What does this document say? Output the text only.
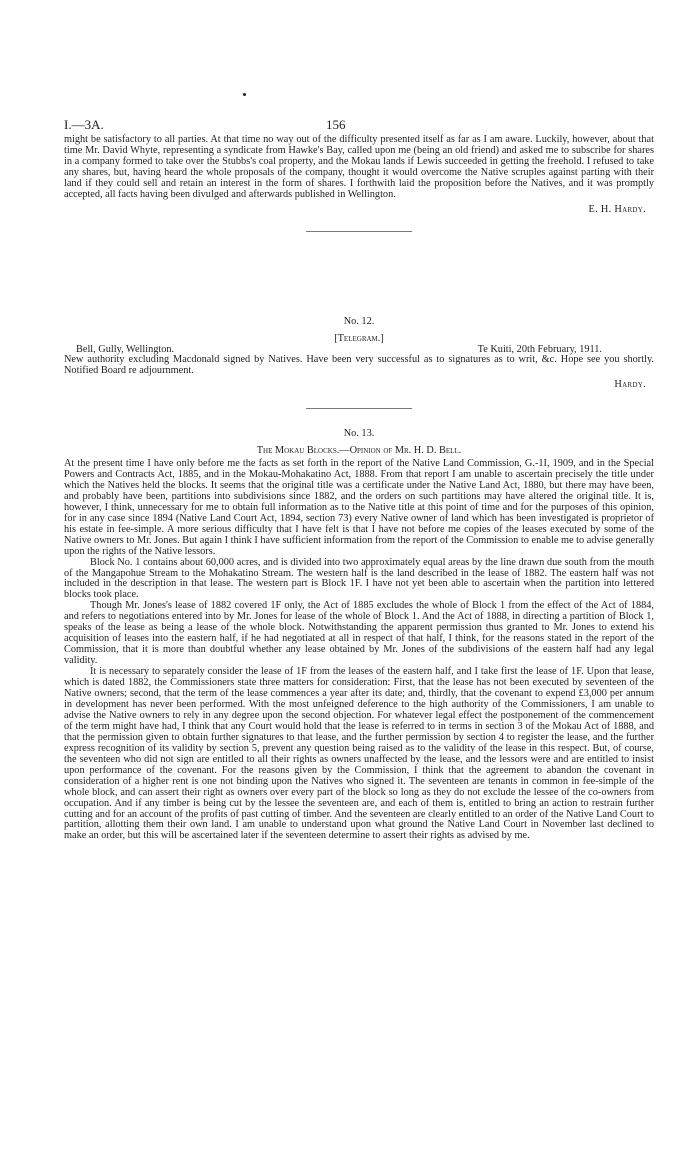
I.—3A.	156

might be satisfactory to all parties. At that time no way out of the difficulty presented itself as far as I am aware. Luckily, however, about that time Mr. David Whyte, representing a syndicate from Hawke's Bay, called upon me (being an old friend) and asked me to subscribe for shares in a company formed to take over the Stubbs's coal property, and the Mokau lands if Lewis succeeded in getting the freehold. I refused to take any shares, but, having heard the whole proposals of the company, thought it would overcome the Native scruples against parting with their land if they could sell and retain an interest in the form of shares. I forthwith laid the proposition before the Natives, and it was promptly accepted, all facts having been divulged and afterwards published in Wellington.

E. H. Hardy.
No. 12.
[Telegram.]
Bell, Gully, Wellington.	Te Kuiti, 20th February, 1911.

New authority excluding Macdonald signed by Natives. Have been very successful as to signatures as to writ, &c. Hope see you shortly. Notified Board re adjournment.

Hardy.
No. 13.
The Mokau Blocks.—Opinion of Mr. H. D. Bell.

At the present time I have only before me the facts as set forth in the report of the Native Land Commission, G.-1I, 1909, and in the Special Powers and Contracts Act, 1885, and in the Mokau-Mohakatino Act, 1888. From that report I am unable to ascertain precisely the title under which the Natives held the blocks. It seems that the original title was a certificate under the Native Land Act, 1880, but there may have been, and probably have been, partitions into subdivisions since 1882, and the orders on such partitions may have altered the original title. It is, however, I think, unnecessary for me to obtain full information as to the Native title at this point of time and for the purposes of this opinion, for in any case since 1894 (Native Land Court Act, 1894, section 73) every Native owner of land which has been investigated is proprietor of his estate in fee-simple. A more serious difficulty that I have felt is that I have not before me copies of the leases executed by some of the Native owners to Mr. Jones. But again I think I have sufficient information from the report of the Commission to enable me to advise generally upon the rights of the Native lessors.

Block No. 1 contains about 60,000 acres, and is divided into two approximately equal areas by the line drawn due south from the mouth of the Mangapohue Stream to the Mohakatino Stream. The western half is the land described in the lease of 1882. The eastern half was not included in the description in that lease. The western part is Block 1F. I have not yet been able to ascertain when the partition into lettered blocks took place.

Though Mr. Jones's lease of 1882 covered 1F only, the Act of 1885 excludes the whole of Block 1 from the effect of the Act of 1884, and refers to negotiations entered into by Mr. Jones for lease of the whole of Block 1. And the Act of 1888, in directing a partition of Block 1, speaks of the lease as being a lease of the whole block. Notwithstanding the apparent permission thus granted to Mr. Jones to extend his acquisition of leases into the eastern half, if he had negotiated at all in respect of that half, I think, for the reasons stated in the report of the Commission, that it is more than doubtful whether any lease obtained by Mr. Jones of the subdivisions of the eastern half had any legal validity.

It is necessary to separately consider the lease of 1F from the leases of the eastern half, and I take first the lease of 1F. Upon that lease, which is dated 1882, the Commissioners state three matters for consideration: First, that the lease has not been executed by seventeen of the Native owners; second, that the term of the lease commences a year after its date; and, thirdly, that the covenant to expend £3,000 per annum in development has never been performed. With the most unfeigned deference to the high authority of the Commissioners, I am unable to advise the Native owners to rely in any degree upon the second objection. For whatever legal effect the postponement of the commencement of the term might have had, I think that any Court would hold that the lease is referred to in terms in section 3 of the Mokau Act of 1888, and that the permission given to obtain further signatures to that lease, and the further permission by section 4 to register the lease, and the further express recognition of its validity by section 5, prevent any question being raised as to the validity of the lease in this respect. But, of course, the seventeen who did not sign are entitled to all their rights as owners unaffected by the lease, and the lessors were and are entitled to insist upon performance of the covenant. For the reasons given by the Commission, I think that the agreement to abandon the covenant in consideration of a higher rent is one not binding upon the Natives who signed it. The seventeen are tenants in common in fee-simple of the whole block, and can assert their right as owners over every part of the block so long as they do not exclude the lessee of the co-owners from occupation. And if any timber is being cut by the lessee the seventeen are, and each of them is, entitled to bring an action to restrain further cutting and for an account of the profits of past cutting of timber. And the seventeen are clearly entitled to an order of the Native Land Court to partition, allotting them their own land. I am unable to understand upon what ground the Native Land Court in November last declined to make an order, but this will be ascertained later if the seventeen determine to assert their rights as advised by me.
